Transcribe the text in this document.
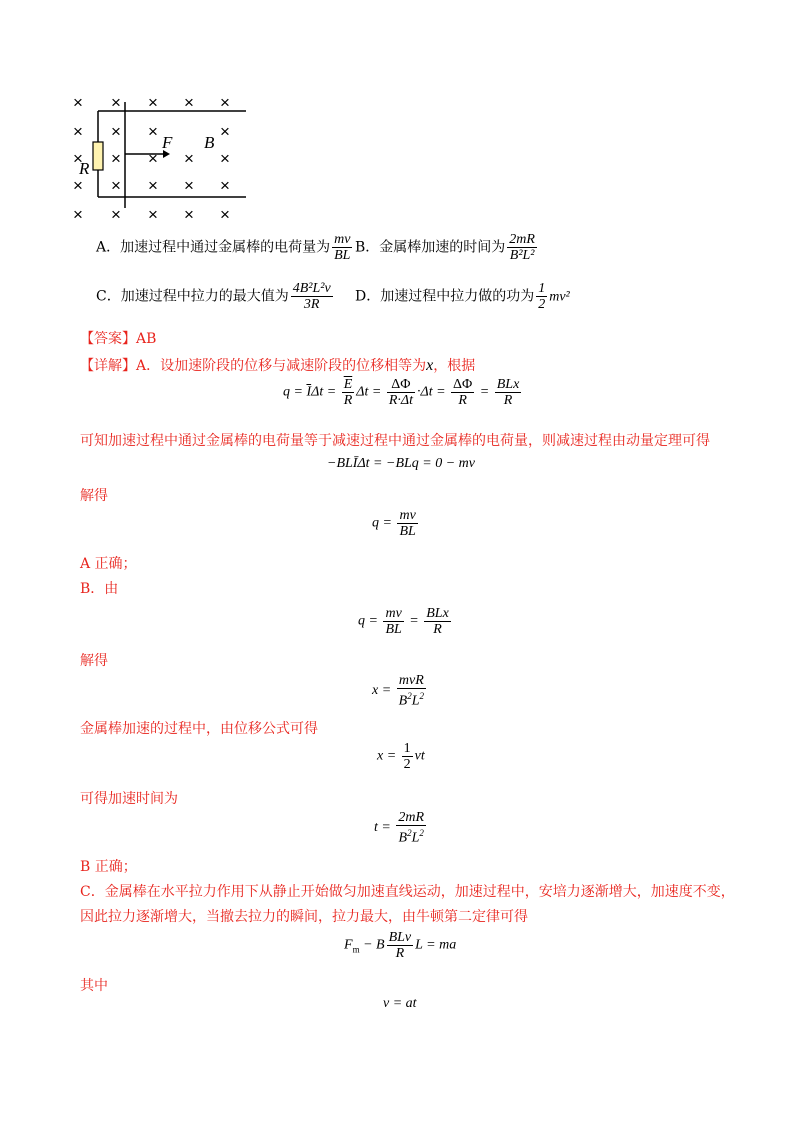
× × × × ×
× × ×	×
× × × ×
× × × × ×
× × × × ×
×
F B
R
A．加速过程中通过金属棒的电荷量为 $\frac{mv}{BL}$ B．金属棒加速的时间为 $\frac{2mR}{\text{B²L²}}$
C．加速过程中拉力的最大值为 $\frac{\text{4B²L²v}}{3R}$ D．加速过程中拉力做的功为 $\frac{1}{2} mv^2$
【答案】AB
【详解】A．设加速阶段的位移与减速阶段的位移相等为x，根据
$q = \overline{I}\Delta t = \frac{\overline{E}}{R}$ $\Delta t = \frac{\Delta\Phi}{R\cdot\Delta t} \cdot\Delta t = \frac{\Delta\Phi}{R} = \frac{\text{BLx}}{R}$
可知加速过程中通过金属棒的电荷量等于减速过程中通过金属棒的电荷量，则减速过程由动量定理可得
−BLĪΔt = −BLq = 0 − mv
解得
$q = \frac{mv}{BL}$
A 正确；
B．由
$q = \frac{mv}{BL} = \frac{\text{BLx}}{R}$
解得
$x = \frac{\text{mvR}}{B^2L^2}$
金属棒加速的过程中，由位移公式可得
$x = \frac{1}{2}$ vt
可得加速时间为
$t = \frac{2mR}{B^2L^2}$
B 正确；
C．金属棒在水平拉力作用下从静止开始做匀加速直线运动，加速过程中，安培力逐渐增大，加速度不变，
因此拉力逐渐增大，当撤去拉力的瞬间，拉力最大，由牛顿第二定律可得
$F_m - B \frac{\text{BLv}}{R}$ L = ma
其中
v = at
